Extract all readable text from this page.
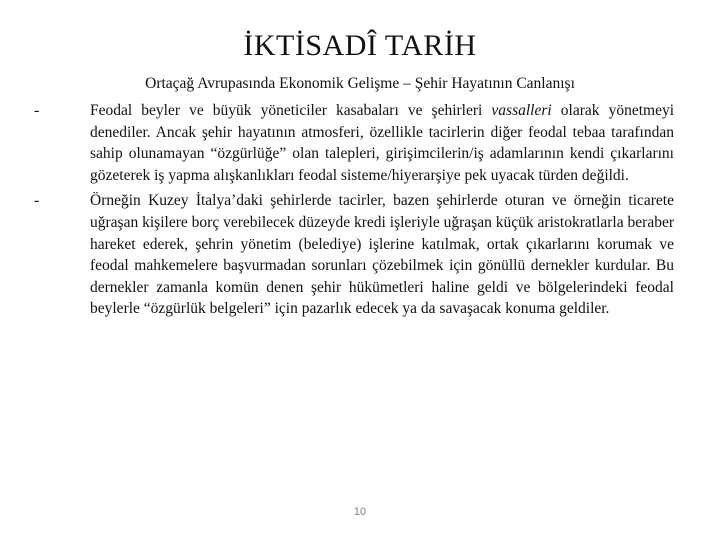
İKTİSADÎ TARİH
Ortaçağ Avrupasında Ekonomik Gelişme – Şehir Hayatının Canlanışı
-	Feodal beyler ve büyük yöneticiler kasabaları ve şehirleri vassalleri olarak yönetmeyi denediler. Ancak şehir hayatının atmosferi, özellikle tacirlerin diğer feodal tebaa tarafından sahip olunamayan “özgürlüğe” olan talepleri, girişimcilerin/iş adamlarının kendi çıkarlarını gözeterek iş yapma alışkanlıkları feodal sisteme/hiyerarşiye pek uyacak türden değildi.
-	Örneğin Kuzey İtalya’daki şehirlerde tacirler, bazen şehirlerde oturan ve örneğin ticarete uğraşan kişilere borç verebilecek düzeyde kredi işleriyle uğraşan küçük aristokratlarla beraber hareket ederek, şehrin yönetim (belediye) işlerine katılmak, ortak çıkarlarını korumak ve feodal mahkemelere başvurmadan sorunları çözebilmek için gönüllü dernekler kurdular. Bu dernekler zamanla komün denen şehir hükümetleri haline geldi ve bölgelerindeki feodal beylerle “özgürlük belgeleri” için pazarlık edecek ya da savaşacak konuma geldiler.
10
